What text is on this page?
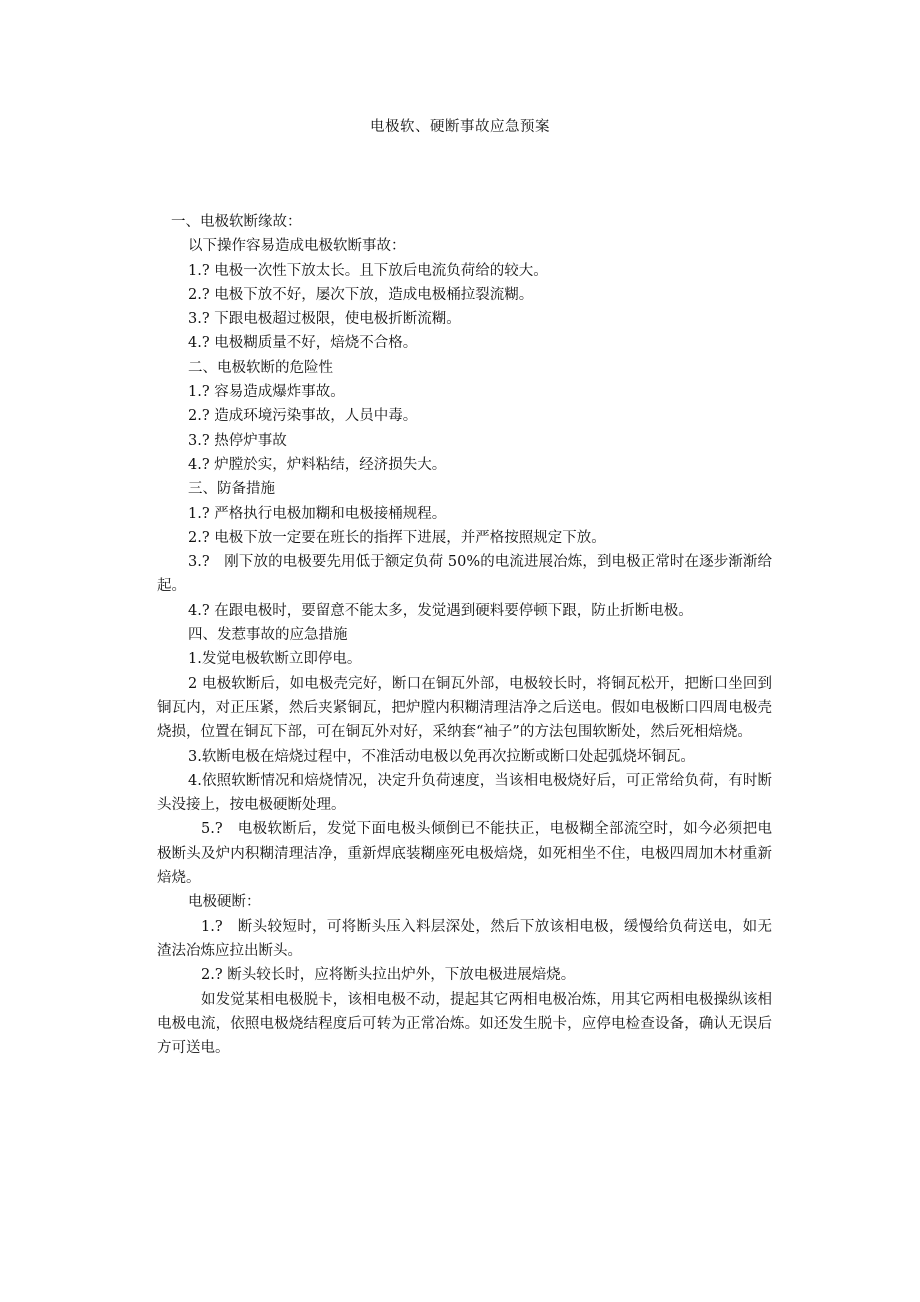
电极软、硬断事故应急预案

一、电极软断缘故：

以下操作容易造成电极软断事故：

1.? 电极一次性下放太长。且下放后电流负荷给的较大。

2.? 电极下放不好，屡次下放，造成电极桶拉裂流糊。

3.? 下跟电极超过极限，使电极折断流糊。

4.? 电极糊质量不好，焙烧不合格。

二、电极软断的危险性

1.? 容易造成爆炸事故。

2.? 造成环境污染事故，人员中毒。

3.? 热停炉事故

4.? 炉膛於实，炉料粘结，经济损失大。

三、防备措施

1.? 严格执行电极加糊和电极接桶规程。

2.? 电极下放一定要在班长的指挥下进展，并严格按照规定下放。

3.?　刚下放的电极要先用低于额定负荷 50%的电流进展冶炼，到电极正常时在逐步渐渐给起。

4.? 在跟电极时，要留意不能太多，发觉遇到硬料要停顿下跟，防止折断电极。

四、发惹事故的应急措施

1.发觉电极软断立即停电。

2 电极软断后，如电极壳完好，断口在铜瓦外部，电极较长时，将铜瓦松开，把断口坐回到铜瓦内，对正压紧，然后夹紧铜瓦，把炉膛内积糊清理洁净之后送电。假如电极断口四周电极壳烧损，位置在铜瓦下部，可在铜瓦外对好，采纳套“袖子”的方法包围软断处，然后死相焙烧。

3.软断电极在焙烧过程中，不准活动电极以免再次拉断或断口处起弧烧坏铜瓦。

4.依照软断情况和焙烧情况，决定升负荷速度，当该相电极烧好后，可正常给负荷，有时断头没接上，按电极硬断处理。

5.?　电极软断后，发觉下面电极头倾倒已不能扶正，电极糊全部流空时，如今必须把电极断头及炉内积糊清理洁净，重新焊底装糊座死电极焙烧，如死相坐不住，电极四周加木材重新焙烧。

电极硬断：

1.?　断头较短时，可将断头压入料层深处，然后下放该相电极，缓慢给负荷送电，如无渣法冶炼应拉出断头。

2.? 断头较长时，应将断头拉出炉外，下放电极进展焙烧。

如发觉某相电极脱卡，该相电极不动，提起其它两相电极冶炼，用其它两相电极操纵该相电极电流，依照电极烧结程度后可转为正常冶炼。如还发生脱卡，应停电检查设备，确认无误后方可送电。
